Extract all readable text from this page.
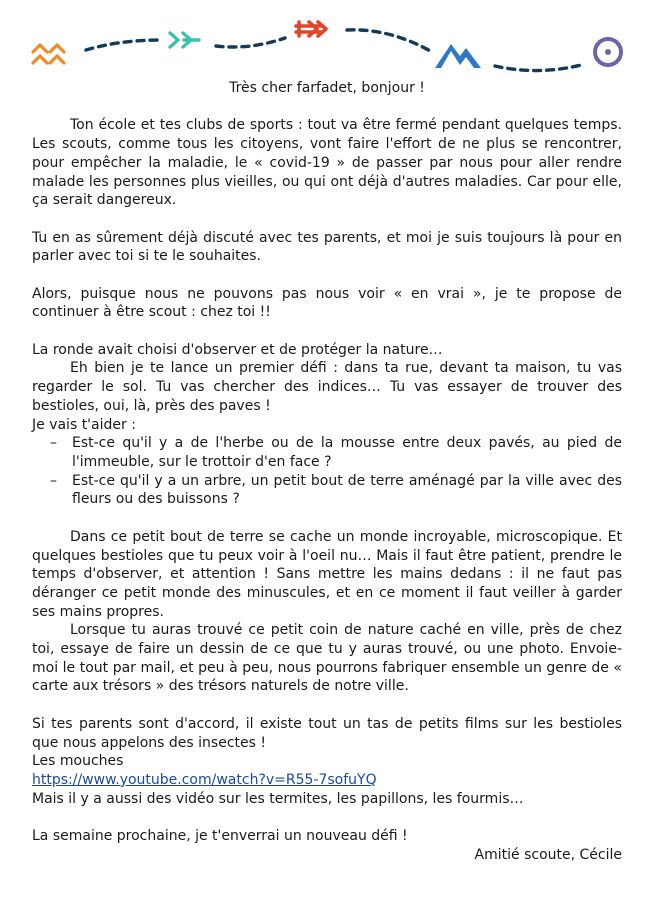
Très cher farfadet, bonjour !

Ton école et tes clubs de sports : tout va être fermé pendant quelques temps. Les scouts, comme tous les citoyens, vont faire l'effort de ne plus se rencontrer, pour empêcher la maladie, le « covid-19 » de passer par nous pour aller rendre malade les personnes plus vieilles, ou qui ont déjà d'autres maladies. Car pour elle, ça serait dangereux.

Tu en as sûrement déjà discuté avec tes parents, et moi je suis toujours là pour en parler avec toi si te le souhaites.

Alors, puisque nous ne pouvons pas nous voir « en vrai », je te propose de continuer à être scout : chez toi !!

La ronde avait choisi d'observer et de protéger la nature…

Eh bien je te lance un premier défi : dans ta rue, devant ta maison, tu vas regarder le sol. Tu vas chercher des indices… Tu vas essayer de trouver des bestioles, oui, là, près des paves !

Je vais t'aider :

– Est-ce qu'il y a de l'herbe ou de la mousse entre deux pavés, au pied de l'immeuble, sur le trottoir d'en face ?
– Est-ce qu'il y a un arbre, un petit bout de terre aménagé par la ville avec des fleurs ou des buissons ?

Dans ce petit bout de terre se cache un monde incroyable, microscopique. Et quelques bestioles que tu peux voir à l'oeil nu… Mais il faut être patient, prendre le temps d'observer, et attention ! Sans mettre les mains dedans : il ne faut pas déranger ce petit monde des minuscules, et en ce moment il faut veiller à garder ses mains propres.

Lorsque tu auras trouvé ce petit coin de nature caché en ville, près de chez toi, essaye de faire un dessin de ce que tu y auras trouvé, ou une photo. Envoie-moi le tout par mail, et peu à peu, nous pourrons fabriquer ensemble un genre de « carte aux trésors » des trésors naturels de notre ville.

Si tes parents sont d'accord, il existe tout un tas de petits films sur les bestioles que nous appelons des insectes !

Les mouches

https://www.youtube.com/watch?v=R55-7sofuYQ

Mais il y a aussi des vidéo sur les termites, les papillons, les fourmis…

La semaine prochaine, je t'enverrai un nouveau défi !

Amitié scoute, Cécile
